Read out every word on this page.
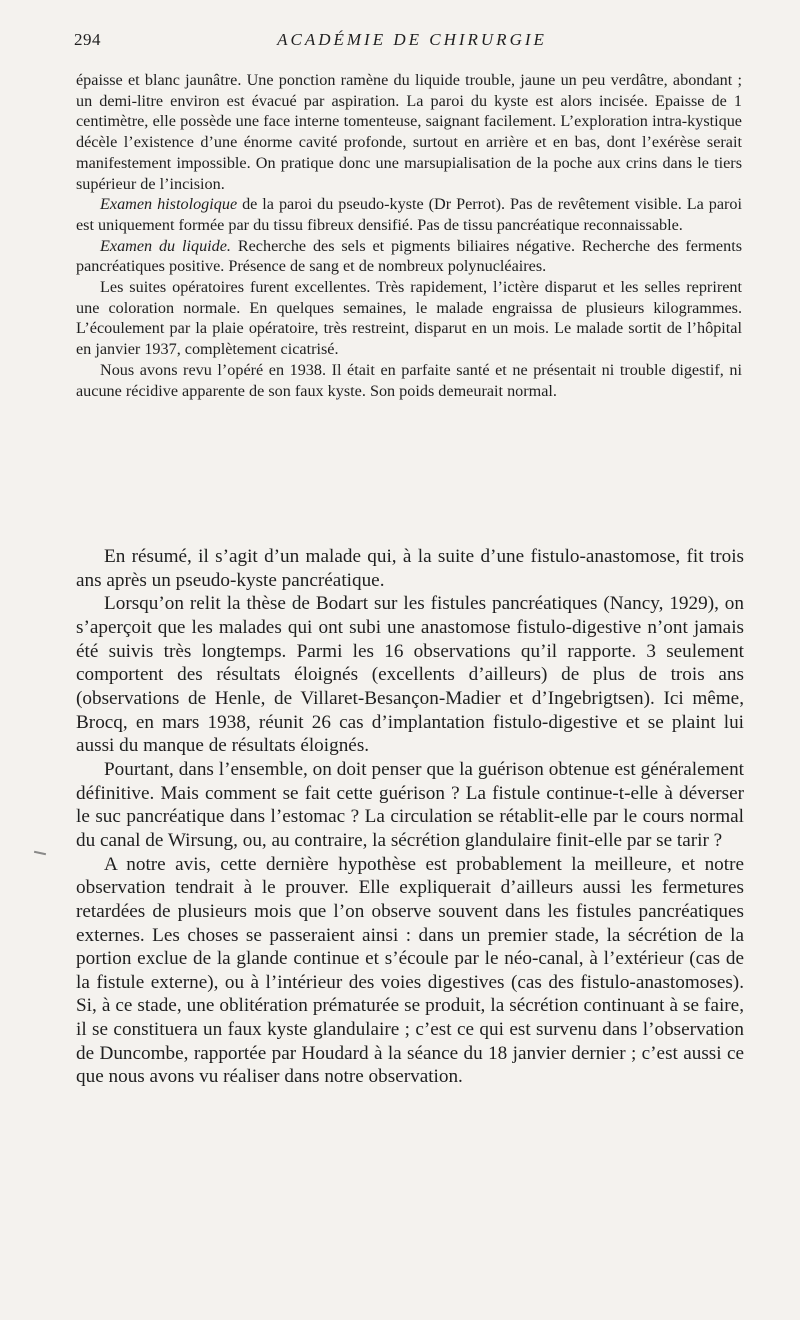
294	ACADÉMIE DE CHIRURGIE

épaisse et blanc jaunâtre. Une ponction ramène du liquide trouble, jaune un peu verdâtre, abondant ; un demi-litre environ est évacué par aspiration. La paroi du kyste est alors incisée. Epaisse de 1 centimètre, elle possède une face interne tomenteuse, saignant facilement. L’exploration intra-kystique décèle l’existence d’une énorme cavité profonde, surtout en arrière et en bas, dont l’exérèse serait manifestement impossible. On pratique donc une marsupialisation de la poche aux crins dans le tiers supérieur de l’incision.

Examen histologique de la paroi du pseudo-kyste (Dr Perrot). Pas de revêtement visible. La paroi est uniquement formée par du tissu fibreux densifié. Pas de tissu pancréatique reconnaissable.

Examen du liquide. Recherche des sels et pigments biliaires négative. Recherche des ferments pancréatiques positive. Présence de sang et de nombreux polynucléaires.

Les suites opératoires furent excellentes. Très rapidement, l’ictère disparut et les selles reprirent une coloration normale. En quelques semaines, le malade engraissa de plusieurs kilogrammes. L’écoulement par la plaie opératoire, très restreint, disparut en un mois. Le malade sortit de l’hôpital en janvier 1937, complètement cicatrisé.

Nous avons revu l’opéré en 1938. Il était en parfaite santé et ne présentait ni trouble digestif, ni aucune récidive apparente de son faux kyste. Son poids demeurait normal.

En résumé, il s’agit d’un malade qui, à la suite d’une fistulo-anastomose, fit trois ans après un pseudo-kyste pancréatique.

Lorsqu’on relit la thèse de Bodart sur les fistules pancréatiques (Nancy, 1929), on s’aperçoit que les malades qui ont subi une anastomose fistulo-digestive n’ont jamais été suivis très longtemps. Parmi les 16 observations qu’il rapporte. 3 seulement comportent des résultats éloignés (excellents d’ailleurs) de plus de trois ans (observations de Henle, de Villaret-Besançon-Madier et d’Ingebrigtsen). Ici même, Brocq, en mars 1938, réunit 26 cas d’implantation fistulo-digestive et se plaint lui aussi du manque de résultats éloignés.

Pourtant, dans l’ensemble, on doit penser que la guérison obtenue est généralement définitive. Mais comment se fait cette guérison ? La fistule continue-t-elle à déverser le suc pancréatique dans l’estomac ? La circulation se rétablit-elle par le cours normal du canal de Wirsung, ou, au contraire, la sécrétion glandulaire finit-elle par se tarir ?

A notre avis, cette dernière hypothèse est probablement la meilleure, et notre observation tendrait à le prouver. Elle expliquerait d’ailleurs aussi les fermetures retardées de plusieurs mois que l’on observe souvent dans les fistules pancréatiques externes. Les choses se passeraient ainsi : dans un premier stade, la sécrétion de la portion exclue de la glande continue et s’écoule par le néo-canal, à l’extérieur (cas de la fistule externe), ou à l’intérieur des voies digestives (cas des fistulo-anastomoses). Si, à ce stade, une oblitération prématurée se produit, la sécrétion continuant à se faire, il se constituera un faux kyste glandulaire ; c’est ce qui est survenu dans l’observation de Duncombe, rapportée par Houdard à la séance du 18 janvier dernier ; c’est aussi ce que nous avons vu réaliser dans notre observation.
